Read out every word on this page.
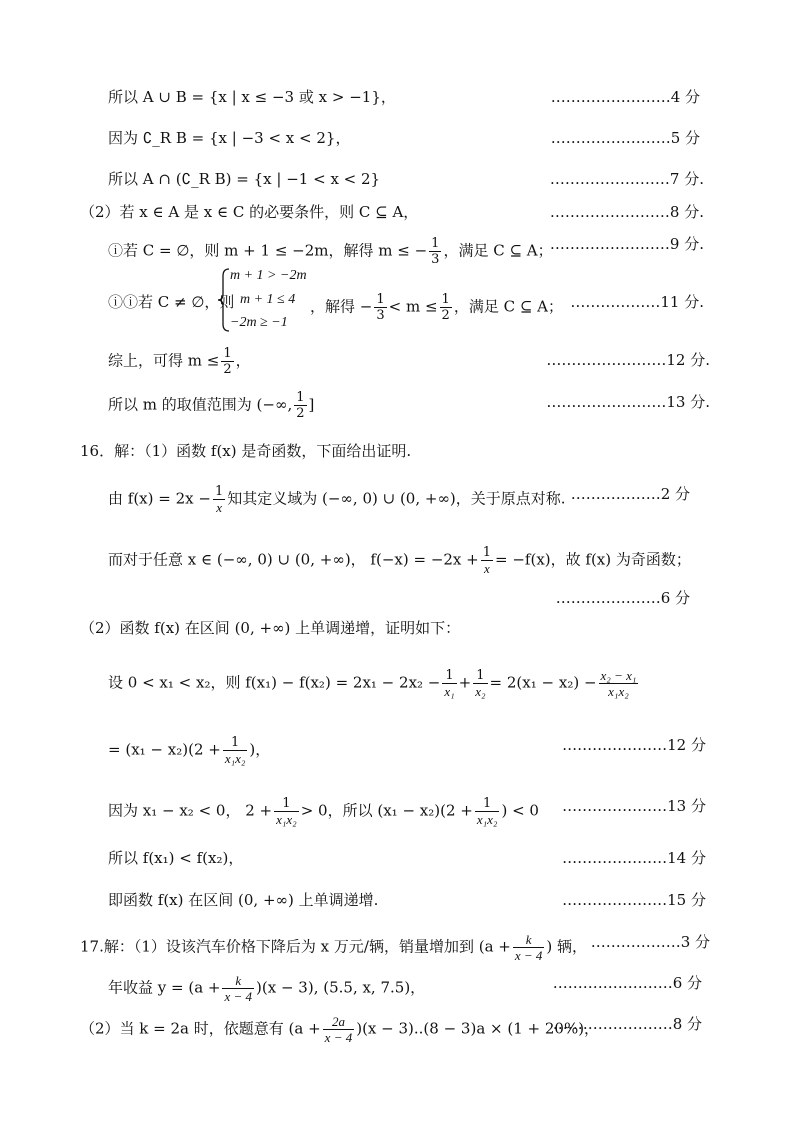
所以 A ∪ B = {x | x ≤ −3 或 x > −1}，	……………………4 分
因为 ∁_R B = {x | −3 < x < 2}，	……………………5 分
所以 A ∩ (∁_R B) = {x | −1 < x < 2}	……………………7 分.
（2）若 x ∈ A 是 x ∈ C 的必要条件，则 C ⊆ A，	……………………8 分.
ⓘ若 C = ∅，则 m + 1 ≤ −2m，解得 m ≤ − $\frac{1}{3}$ ，满足 C ⊆ A；
……………………9 分.
ⓘⓘ若 C ≠ ∅，则
m + 1 > −2m
m + 1 ≤ 4
−2m ≥ −1
，解得 − $\frac{1}{3} < m \le \frac{1}{2}$ ，满足 C ⊆ A； ………………11 分.
综上，可得 $m \le \frac{1}{2}$ ，	……………………12 分.
所以 m 的取值范围为 (−∞, $\frac{1}{2}$ ]	……………………13 分.
16．解：（1）函数 f(x) 是奇函数，下面给出证明.
由 $f(x) = 2x - \frac{1}{x}$ 知其定义域为 (−∞, 0) ∪ (0, +∞)，关于原点对称. ………………2 分
而对于任意 x ∈ (−∞, 0) ∪ (0, +∞)， $f(-x) = -2x + \frac{1}{x} = -f(x)$，故 f(x) 为奇函数；
…………………6 分
（2）函数 f(x) 在区间 (0, +∞) 上单调递增，证明如下：
设 0 < x₁ < x₂，则 $f(x_1) - f(x_2) = 2x_1 - 2x_2 - \frac{1}{\text{x₁}} + \frac{1}{\text{x₂}} = 2(x_1 - x_2) - \frac{\text{x₂ − x₁}}{\text{x₁x₂}}$
= $(x_1 - x_2)(2 + \frac{1}{\text{x₁x₂}}$ )，	…………………12 分
因为 x₁ − x₂ < 0， $2 + \frac{1}{\text{x₁x₂}} > 0$，所以 $(x_1 - x_2)(2 + \frac{1}{\text{x₁x₂}}$ ) < 0 …………………13 分
所以 f(x₁) < f(x₂)，	…………………14 分
即函数 f(x) 在区间 (0, +∞) 上单调递增.	…………………15 分
17.解：（1）设该汽车价格下降后为 x 万元/辆，销量增加到 ($a + \frac{k}{x - 4}$ ) 辆， ………………3 分
年收益 $y = (a + \frac{k}{x - 4} )(x - 3)$, (5.5, x, 7.5)，	……………………6 分
（2）当 k = 2a 时，依题意有 $(a + \frac{2a}{x - 4} )(x - 3)..(8 - 3)a \times (1 + 20\%)$，
……………………8 分
